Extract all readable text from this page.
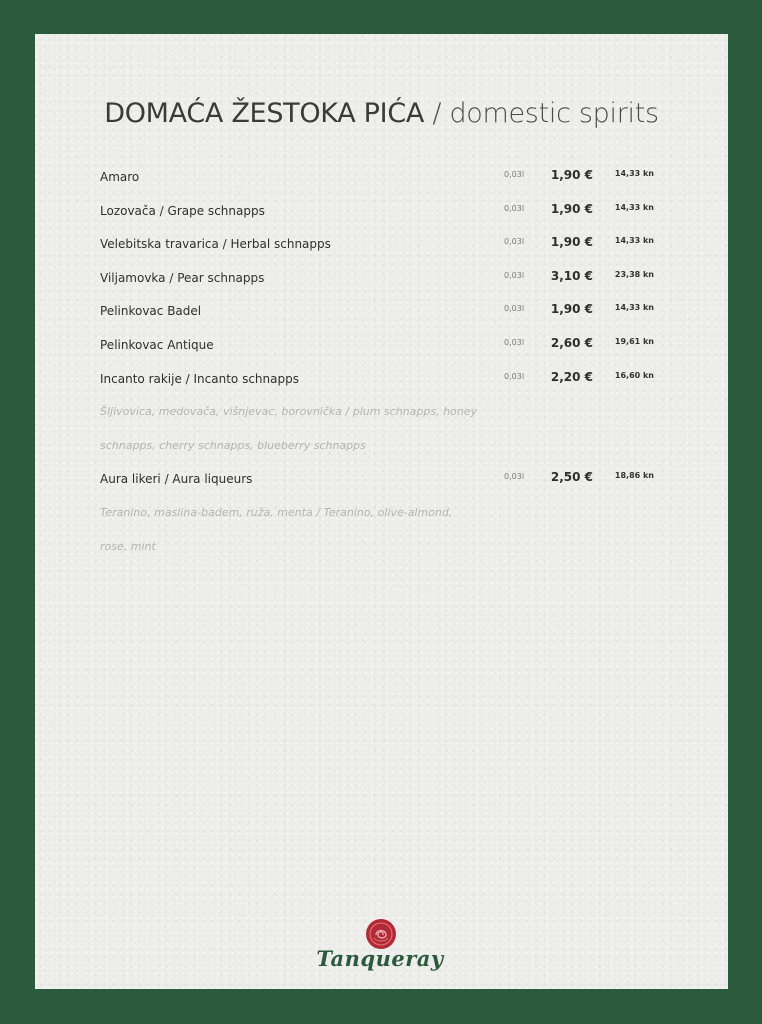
DOMAĆA ŽESTOKA PIĆA / domestic spirits
Amaro	0,03l	1,90 €	14,33 kn
Lozovača / Grape schnapps	0,03l	1,90 €	14,33 kn
Velebitska travarica / Herbal schnapps	0,03l	1,90 €	14,33 kn
Viljamovka / Pear schnapps	0,03l	3,10 €	23,38 kn
Pelinkovac Badel	0,03l	1,90 €	14,33 kn
Pelinkovac Antique	0,03l	2,60 €	19,61 kn
Incanto rakije / Incanto schnapps	0,03l	2,20 €	16,60 kn
Šljivovica, medovača, višnjevac, borovnička / plum schnapps, honey
schnapps, cherry schnapps, blueberry schnapps
Aura likeri / Aura liqueurs	0,03l	2,50 €	18,86 kn
Teranino, maslina-badem, ruža, menta / Teranino, olive-almond,
rose, mint
Tanqueray
